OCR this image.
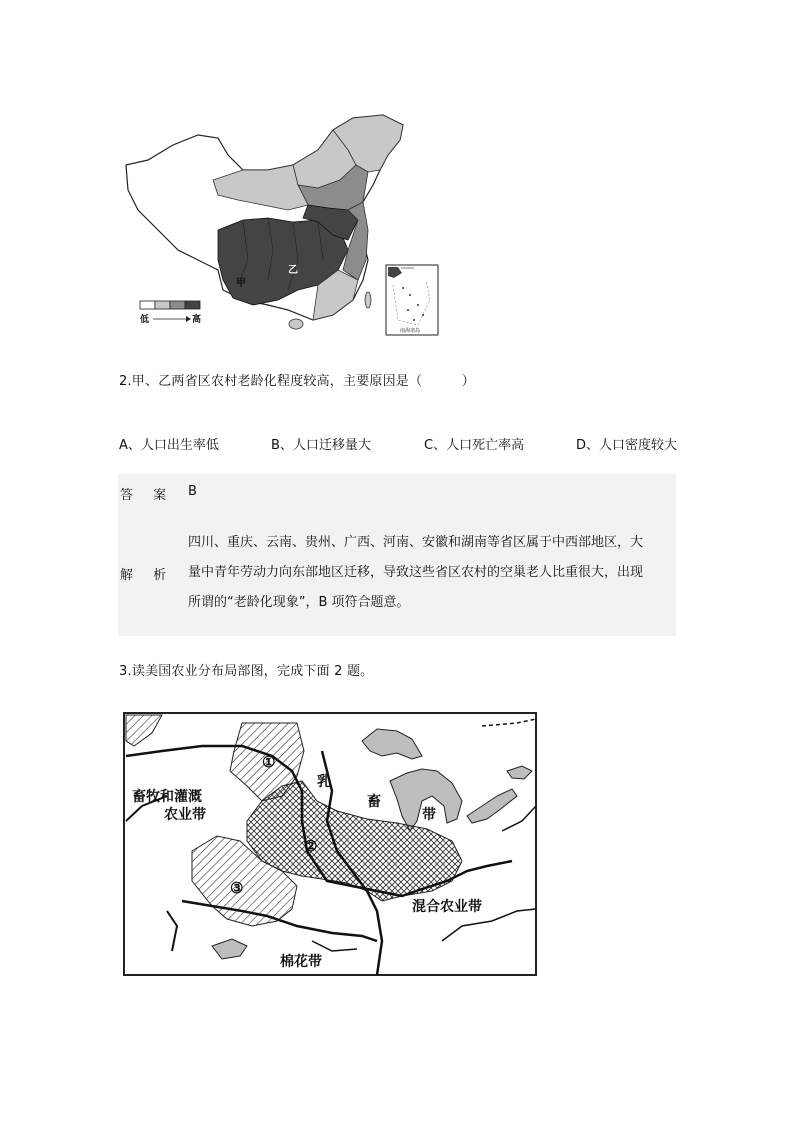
甲
乙
低	高
南海诸岛
2.甲、乙两省区农村老龄化程度较高，主要原因是（　　　）
A、人口出生率低	B、人口迁移量大	C、人口死亡率高	D、人口密度较大
答 案 B
解 析
四川、重庆、云南、贵州、广西、河南、安徽和湖南等省区属于中西部地区，大
量中青年劳动力向东部地区迁移，导致这些省区农村的空巢老人比重很大，出现
所谓的“老龄化现象”，B 项符合题意。
3.读美国农业分布局部图，完成下面 2 题。
畜牧和灌溉
农业带
乳
畜
带
混合农业带
棉花带
①
②
③
